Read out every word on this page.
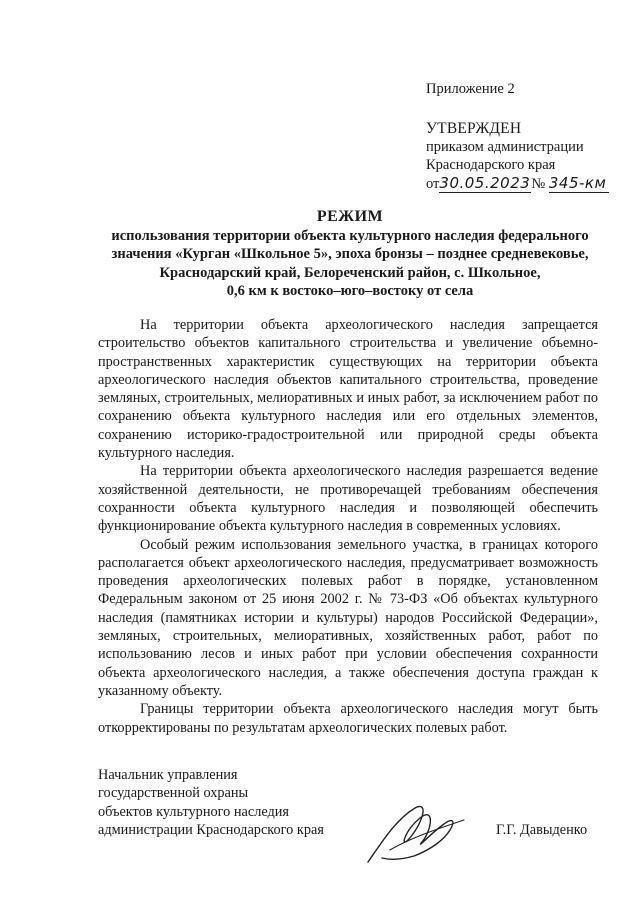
Приложение 2
УТВЕРЖДЕН
приказом администрации
Краснодарского края
от30.05.2023№ 345-км
РЕЖИМ
использования территории объекта культурного наследия федерального
значения «Курган «Школьное 5», эпоха бронзы – позднее средневековье,
Краснодарский край, Белореченский район, с. Школьное,
0,6 км к востоко–юго–востоку от села

На территории объекта археологического наследия запрещается строительство объектов капитального строительства и увеличение объемно-пространственных характеристик существующих на территории объекта археологического наследия объектов капитального строительства, проведение земляных, строительных, мелиоративных и иных работ, за исключением работ по сохранению объекта культурного наследия или его отдельных элементов, сохранению историко-градостроительной или природной среды объекта культурного наследия.

На территории объекта археологического наследия разрешается ведение хозяйственной деятельности, не противоречащей требованиям обеспечения сохранности объекта культурного наследия и позволяющей обеспечить функционирование объекта культурного наследия в современных условиях.

Особый режим использования земельного участка, в границах которого располагается объект археологического наследия, предусматривает возможность проведения археологических полевых работ в порядке, установленном Федеральным законом от 25 июня 2002 г. № 73-ФЗ «Об объектах культурного наследия (памятниках истории и культуры) народов Российской Федерации», земляных, строительных, мелиоративных, хозяйственных работ, работ по использованию лесов и иных работ при условии обеспечения сохранности объекта археологического наследия, а также обеспечения доступа граждан к указанному объекту.

Границы территории объекта археологического наследия могут быть откорректированы по результатам археологических полевых работ.

Начальник управления
государственной охраны
объектов культурного наследия
администрации Краснодарского края	Г.Г. Давыденко
